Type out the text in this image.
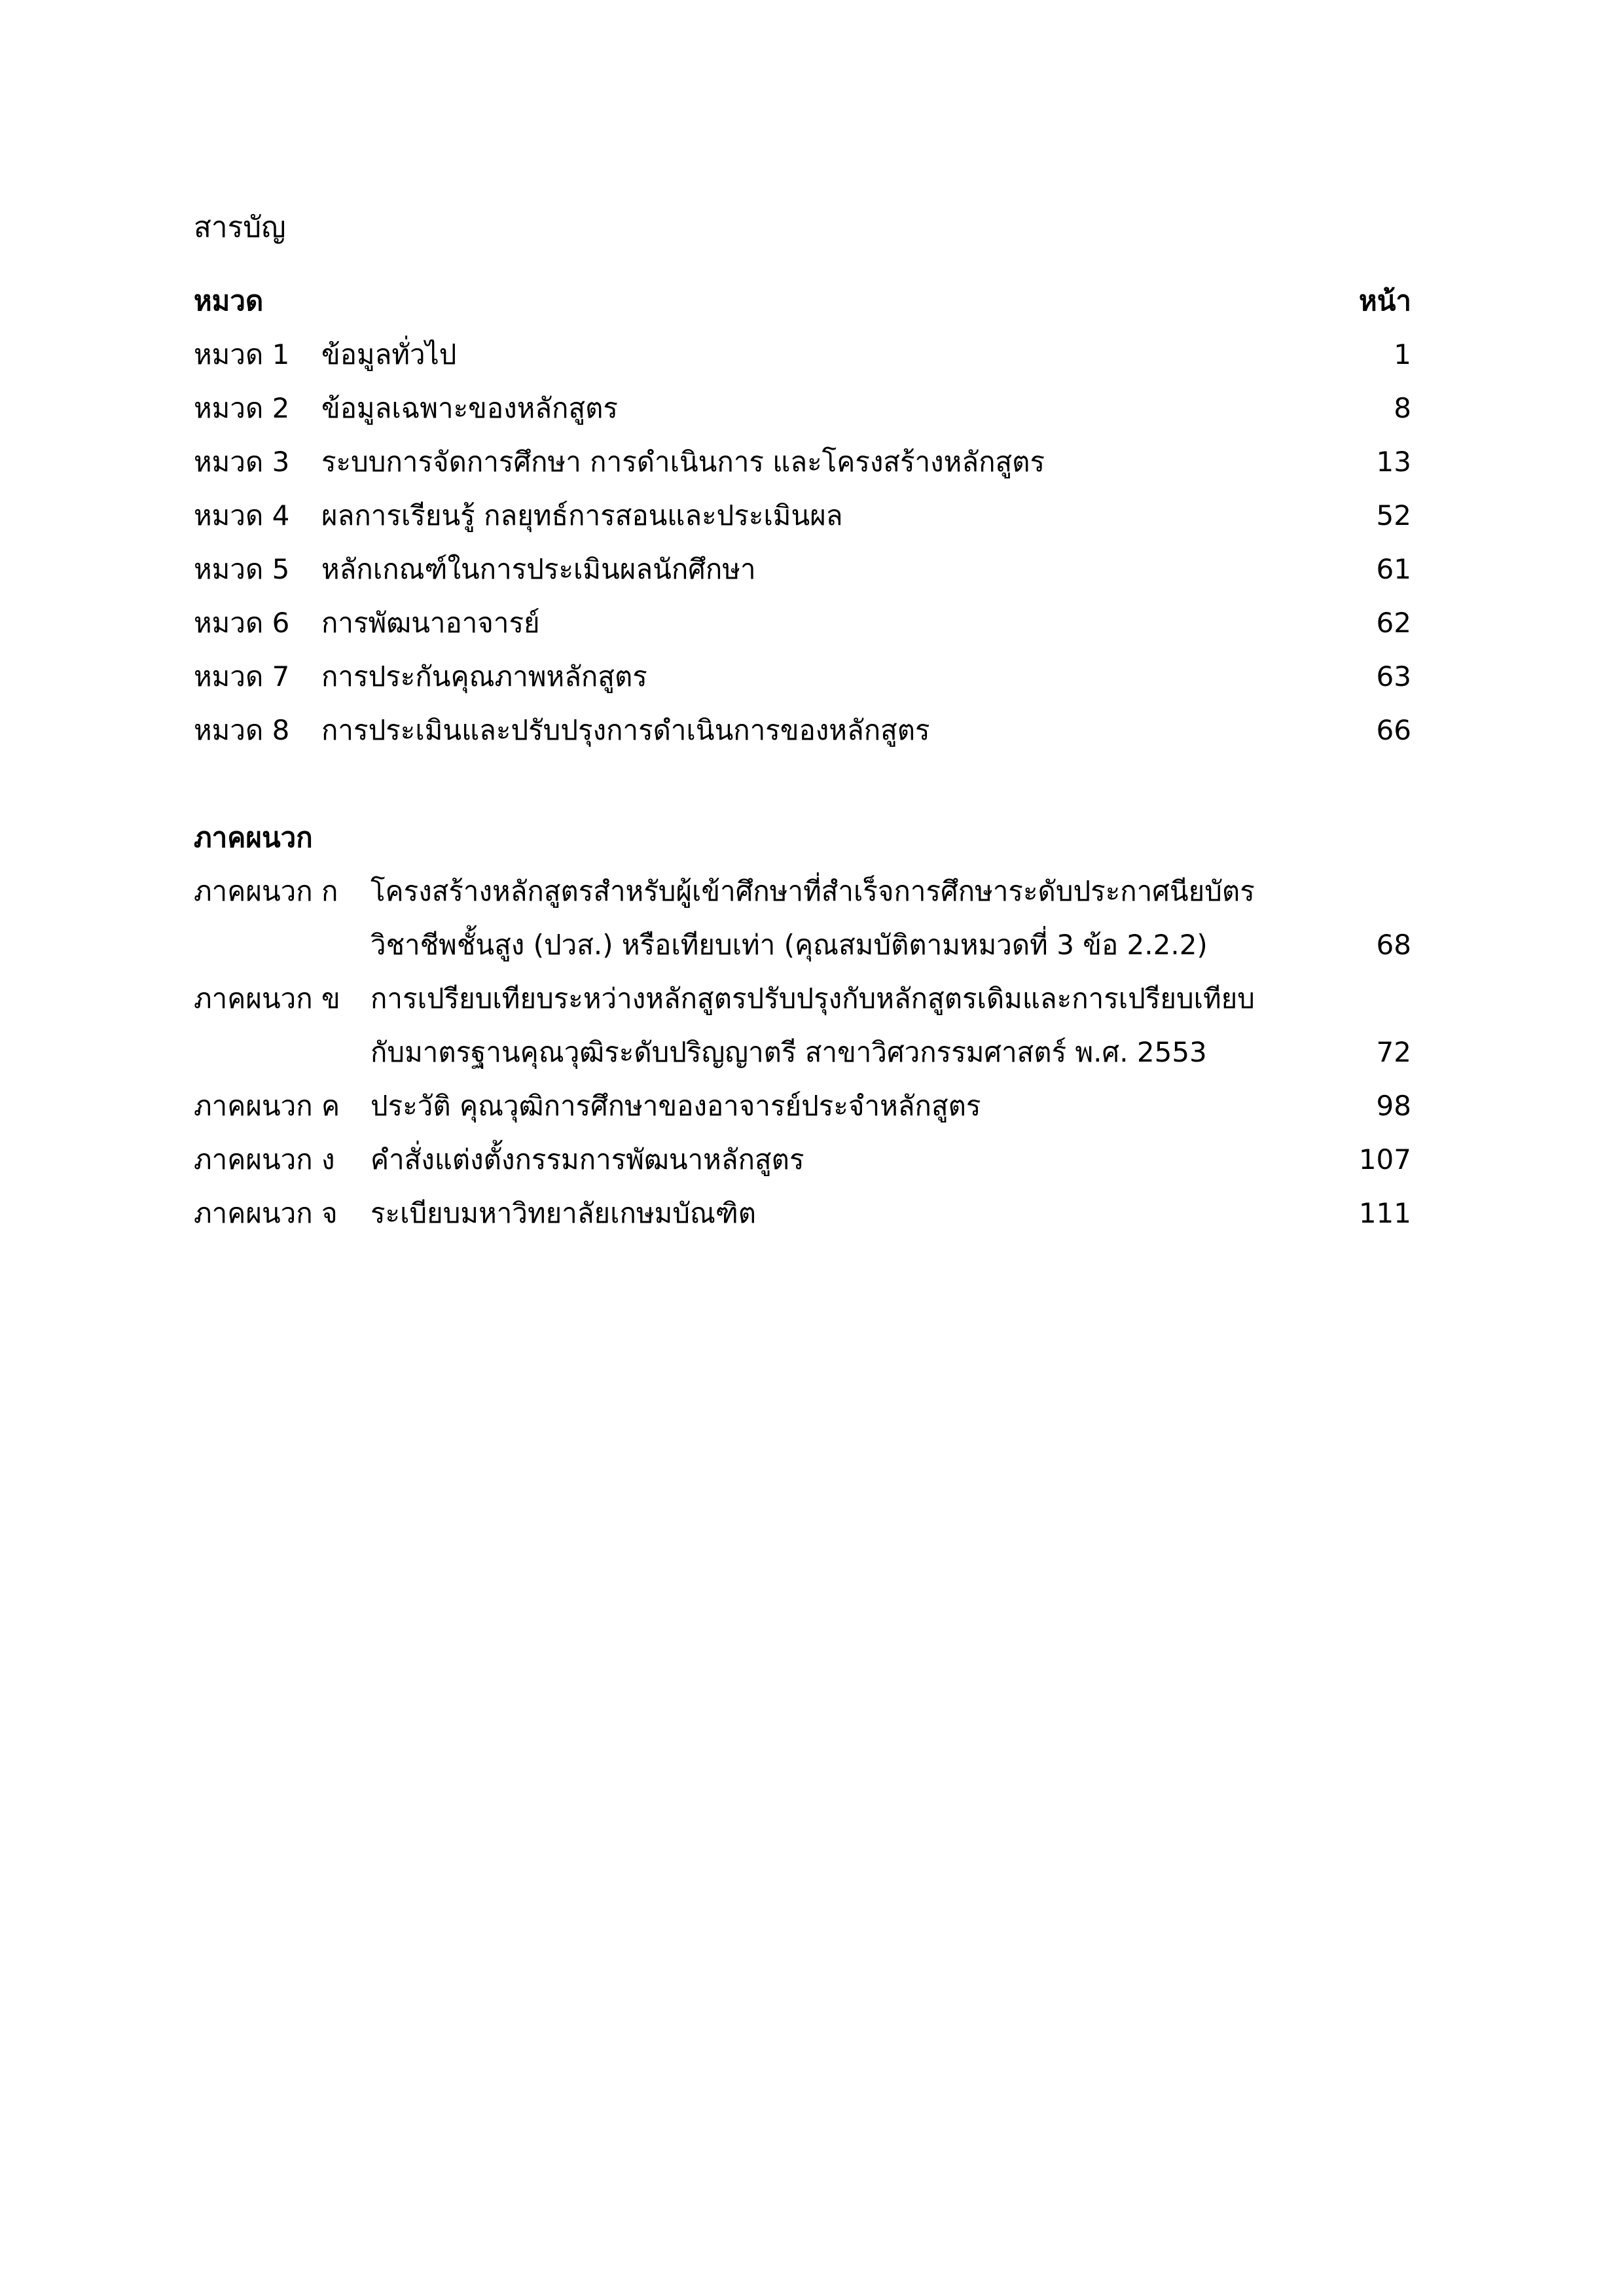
สารบัญ
หมวด	หน้า
หมวด 1 ข้อมูลทั่วไป	1
หมวด 2 ข้อมูลเฉพาะของหลักสูตร	8
หมวด 3 ระบบการจัดการศึกษา การดำเนินการ และโครงสร้างหลักสูตร	13
หมวด 4 ผลการเรียนรู้ กลยุทธ์การสอนและประเมินผล	52
หมวด 5 หลักเกณฑ์ในการประเมินผลนักศึกษา	61
หมวด 6 การพัฒนาอาจารย์	62
หมวด 7 การประกันคุณภาพหลักสูตร	63
หมวด 8 การประเมินและปรับปรุงการดำเนินการของหลักสูตร	66
ภาคผนวก
ภาคผนวก ก โครงสร้างหลักสูตรสำหรับผู้เข้าศึกษาที่สำเร็จการศึกษาระดับประกาศนียบัตร
วิชาชีพชั้นสูง (ปวส.) หรือเทียบเท่า (คุณสมบัติตามหมวดที่ 3 ข้อ 2.2.2)	68
ภาคผนวก ข การเปรียบเทียบระหว่างหลักสูตรปรับปรุงกับหลักสูตรเดิมและการเปรียบเทียบ
กับมาตรฐานคุณวุฒิระดับปริญญาตรี สาขาวิศวกรรมศาสตร์ พ.ศ. 2553	72
ภาคผนวก ค ประวัติ คุณวุฒิการศึกษาของอาจารย์ประจำหลักสูตร	98
ภาคผนวก ง คำสั่งแต่งตั้งกรรมการพัฒนาหลักสูตร	107
ภาคผนวก จ ระเบียบมหาวิทยาลัยเกษมบัณฑิต	111
